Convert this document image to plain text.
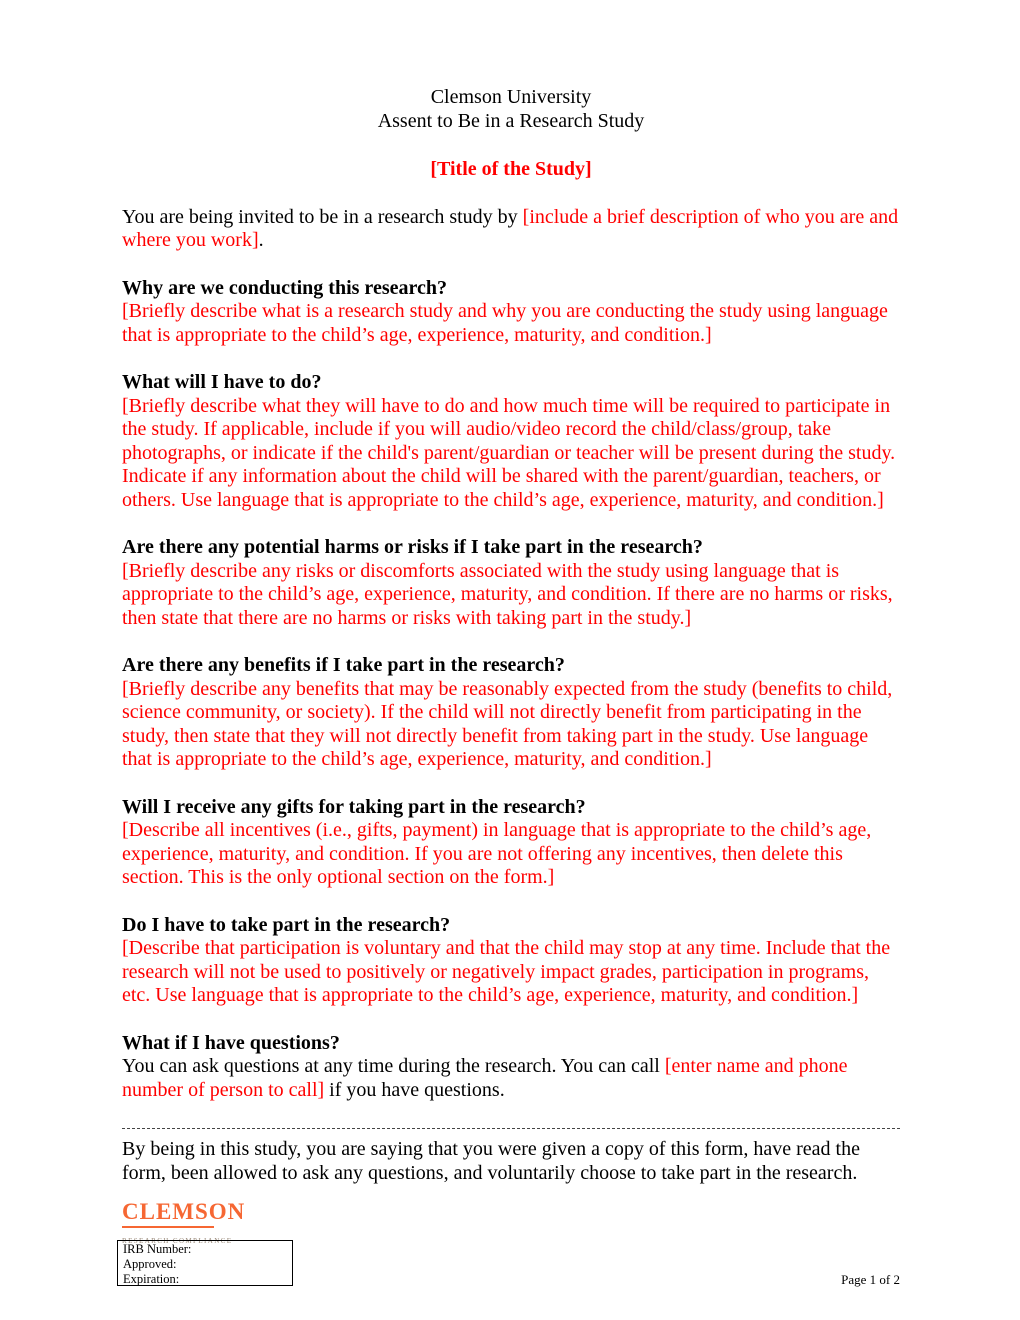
Clemson University
Assent to Be in a Research Study
[Title of the Study]
You are being invited to be in a research study by [include a brief description of who you are and where you work].
Why are we conducting this research?
[Briefly describe what is a research study and why you are conducting the study using language that is appropriate to the child’s age, experience, maturity, and condition.]
What will I have to do?
[Briefly describe what they will have to do and how much time will be required to participate in the study. If applicable, include if you will audio/video record the child/class/group, take photographs, or indicate if the child's parent/guardian or teacher will be present during the study. Indicate if any information about the child will be shared with the parent/guardian, teachers, or others. Use language that is appropriate to the child’s age, experience, maturity, and condition.]
Are there any potential harms or risks if I take part in the research?
[Briefly describe any risks or discomforts associated with the study using language that is appropriate to the child’s age, experience, maturity, and condition. If there are no harms or risks, then state that there are no harms or risks with taking part in the study.]
Are there any benefits if I take part in the research?
[Briefly describe any benefits that may be reasonably expected from the study (benefits to child, science community, or society). If the child will not directly benefit from participating in the study, then state that they will not directly benefit from taking part in the study. Use language that is appropriate to the child’s age, experience, maturity, and condition.]
Will I receive any gifts for taking part in the research?
[Describe all incentives (i.e., gifts, payment) in language that is appropriate to the child’s age, experience, maturity, and condition. If you are not offering any incentives, then delete this section. This is the only optional section on the form.]
Do I have to take part in the research?
[Describe that participation is voluntary and that the child may stop at any time. Include that the research will not be used to positively or negatively impact grades, participation in programs, etc. Use language that is appropriate to the child’s age, experience, maturity, and condition.]
What if I have questions?
You can ask questions at any time during the research. You can call [enter name and phone number of person to call] if you have questions.
By being in this study, you are saying that you were given a copy of this form, have read the form, been allowed to ask any questions, and voluntarily choose to take part in the research.
CLEMSON
RESEARCH COMPLIANCE
IRB Number:
Approved:
Expiration:	Page 1 of 2
